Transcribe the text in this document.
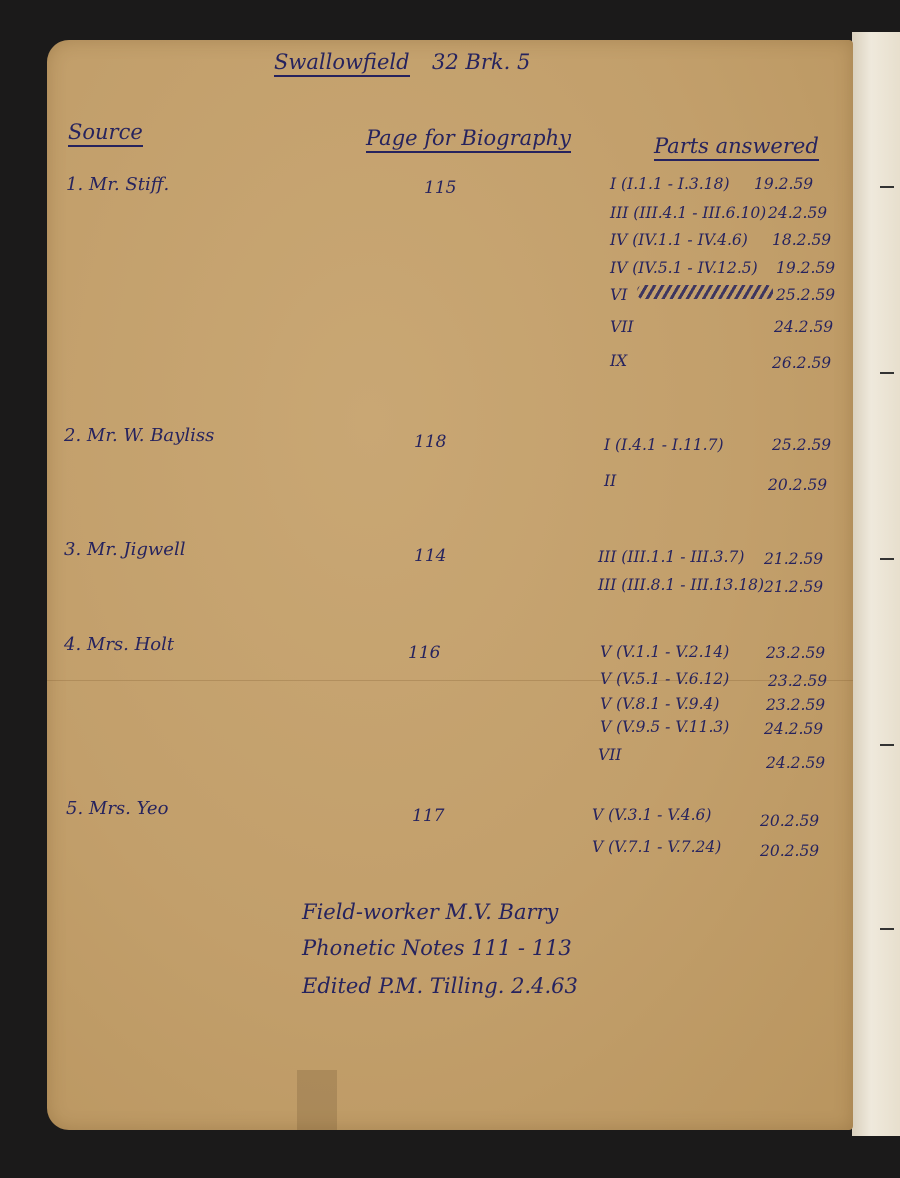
Swallowfield 32 Brk. 5
Source	Page for Biography	Parts answered
1. Mr. Stiff.	115	I (I.1.1 - I.3.18) 19.2.59
III (III.4.1 - III.6.10) 24.2.59
IV (IV.1.1 - IV.4.6) 18.2.59
IV (IV.5.1 - IV.12.5) 19.2.59
VI	25.2.59
VII	24.2.59
IX	26.2.59
2. Mr. W. Bayliss	118	I (I.4.1 - I.11.7)	25.2.59
II	20.2.59
3. Mr. Jigwell	114	III (III.1.1 - III.3.7) 21.2.59
III (III.8.1 - III.13.18) 21.2.59
4. Mrs. Holt	116	V (V.1.1 - V.2.14) 23.2.59
V (V.5.1 - V.6.12) 23.2.59
V (V.8.1 - V.9.4)	23.2.59
V (V.9.5 - V.11.3) 24.2.59
VII	24.2.59
5. Mrs. Yeo	117	V (V.3.1 - V.4.6)	20.2.59
V (V.7.1 - V.7.24) 20.2.59
Field-worker M.V. Barry
Phonetic Notes 111 - 113
Edited P.M. Tilling. 2.4.63
